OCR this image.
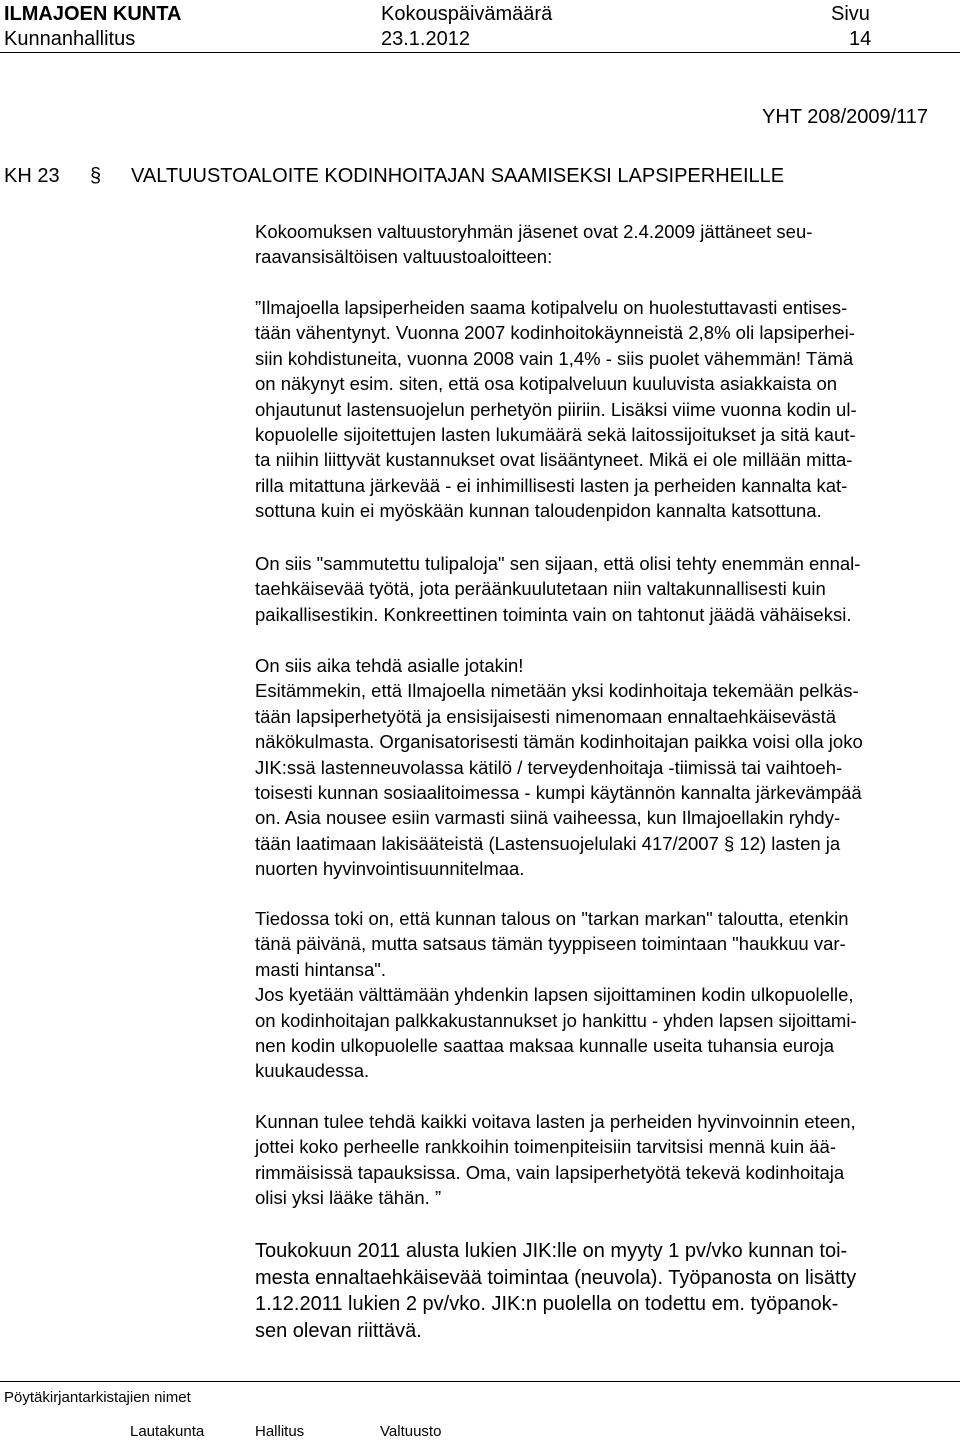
ILMAJOEN KUNTA
Kunnanhallitus
Kokouspäivämäärä
23.1.2012
Sivu
14
YHT 208/2009/117
KH 23 § VALTUUSTOALOITE KODINHOITAJAN SAAMISEKSI LAPSIPERHEILLE
Kokoomuksen valtuustoryhmän jäsenet ovat 2.4.2009 jättäneet seu-
raavansisältöisen valtuustoaloitteen:
”Ilmajoella lapsiperheiden saama kotipalvelu on huolestuttavasti entises-
tään vähentynyt. Vuonna 2007 kodinhoitokäynneistä 2,8% oli lapsiperhei-
siin kohdistuneita, vuonna 2008 vain 1,4% - siis puolet vähemmän! Tämä
on näkynyt esim. siten, että osa kotipalveluun kuuluvista asiakkaista on
ohjautunut lastensuojelun perhetyön piiriin. Lisäksi viime vuonna kodin ul-
kopuolelle sijoitettujen lasten lukumäärä sekä laitossijoitukset ja sitä kaut-
ta niihin liittyvät kustannukset ovat lisääntyneet. Mikä ei ole millään mitta-
rilla mitattuna järkevää - ei inhimillisesti lasten ja perheiden kannalta kat-
sottuna kuin ei myöskään kunnan taloudenpidon kannalta katsottuna.
On siis "sammutettu tulipaloja" sen sijaan, että olisi tehty enemmän ennal-
taehkäisevää työtä, jota peräänkuulutetaan niin valtakunnallisesti kuin
paikallisestikin. Konkreettinen toiminta vain on tahtonut jäädä vähäiseksi.
On siis aika tehdä asialle jotakin!
Esitämmekin, että Ilmajoella nimetään yksi kodinhoitaja tekemään pelkäs-
tään lapsiperhetyötä ja ensisijaisesti nimenomaan ennaltaehkäisevästä
näkökulmasta. Organisatorisesti tämän kodinhoitajan paikka voisi olla joko
JIK:ssä lastenneuvolassa kätilö / terveydenhoitaja -tiimissä tai vaihtoeh-
toisesti kunnan sosiaalitoimessa - kumpi käytännön kannalta järkevämpää
on. Asia nousee esiin varmasti siinä vaiheessa, kun Ilmajoellakin ryhdy-
tään laatimaan lakisääteistä (Lastensuojelulaki 417/2007 § 12) lasten ja
nuorten hyvinvointisuunnitelmaa.
Tiedossa toki on, että kunnan talous on "tarkan markan" taloutta, etenkin
tänä päivänä, mutta satsaus tämän tyyppiseen toimintaan "haukkuu var-
masti hintansa".
Jos kyetään välttämään yhdenkin lapsen sijoittaminen kodin ulkopuolelle,
on kodinhoitajan palkkakustannukset jo hankittu - yhden lapsen sijoittami-
nen kodin ulkopuolelle saattaa maksaa kunnalle useita tuhansia euroja
kuukaudessa.
Kunnan tulee tehdä kaikki voitava lasten ja perheiden hyvinvoinnin eteen,
jottei koko perheelle rankkoihin toimenpiteisiin tarvitsisi mennä kuin ää-
rimmäisissä tapauksissa. Oma, vain lapsiperhetyötä tekevä kodinhoitaja
olisi yksi lääke tähän. ”
Toukokuun 2011 alusta lukien JIK:lle on myyty 1 pv/vko kunnan toi-
mesta ennaltaehkäisevää toimintaa (neuvola). Työpanosta on lisätty
1.12.2011 lukien 2 pv/vko. JIK:n puolella on todettu em. työpanok-
sen olevan riittävä.
Pöytäkirjantarkistajien nimet
Lautakunta	Hallitus	Valtuusto
